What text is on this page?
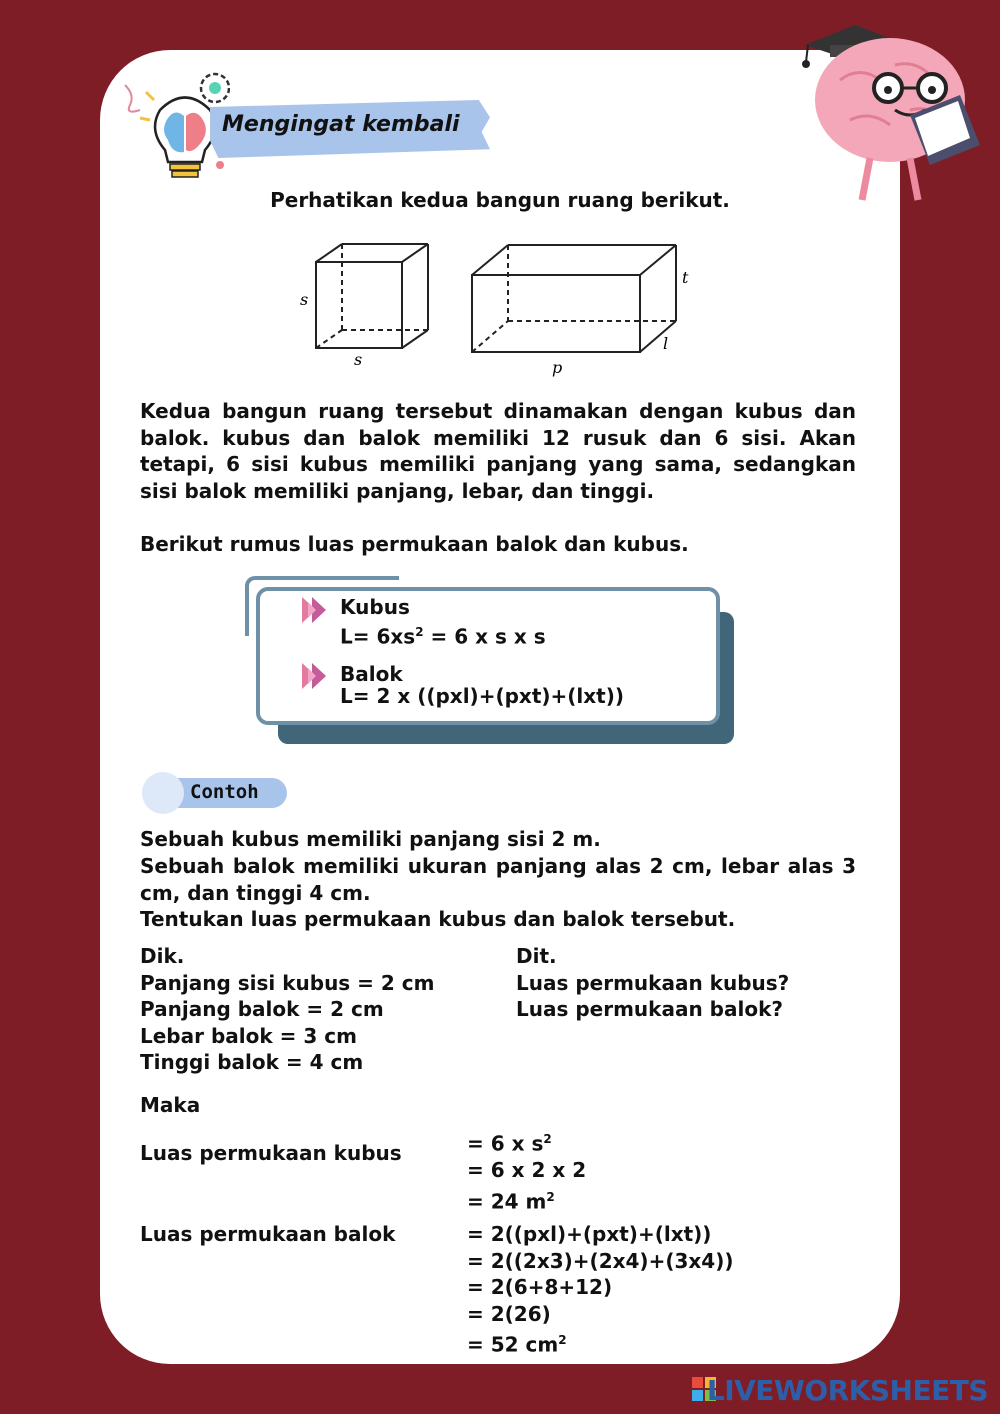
Mengingat kembali
Perhatikan kedua bangun ruang berikut.
s
s
t
l
p
Kedua bangun ruang tersebut dinamakan dengan kubus dan balok. kubus dan balok memiliki 12 rusuk dan 6 sisi. Akan tetapi, 6 sisi kubus memiliki panjang yang sama, sedangkan sisi balok memiliki panjang, lebar, dan tinggi.
Berikut rumus luas permukaan balok dan kubus.
Kubus
$L= 6xs^2 = 6$ x s x s
Balok
L= 2 x ((pxl)+(pxt)+(lxt))
Contoh
Sebuah kubus memiliki panjang sisi 2 m.
Sebuah balok memiliki ukuran panjang alas 2 cm, lebar alas 3 cm, dan tinggi 4 cm.
Tentukan luas permukaan kubus dan balok tersebut.
Dik.
Panjang sisi kubus = 2 cm
Panjang balok = 2 cm
Lebar balok = 3 cm
Tinggi balok = 4 cm
Dit.
Luas permukaan kubus?
Luas permukaan balok?
Maka
Luas permukaan kubus	= 6 x $s^2$
= 6 x 2 x 2
= 24 $m^2$
Luas permukaan balok	= 2((pxl)+(pxt)+(lxt))
= 2((2x3)+(2x4)+(3x4))
= 2(6+8+12)
= 2(26)
= 52 $cm^2$
LIVEWORKSHEETS
